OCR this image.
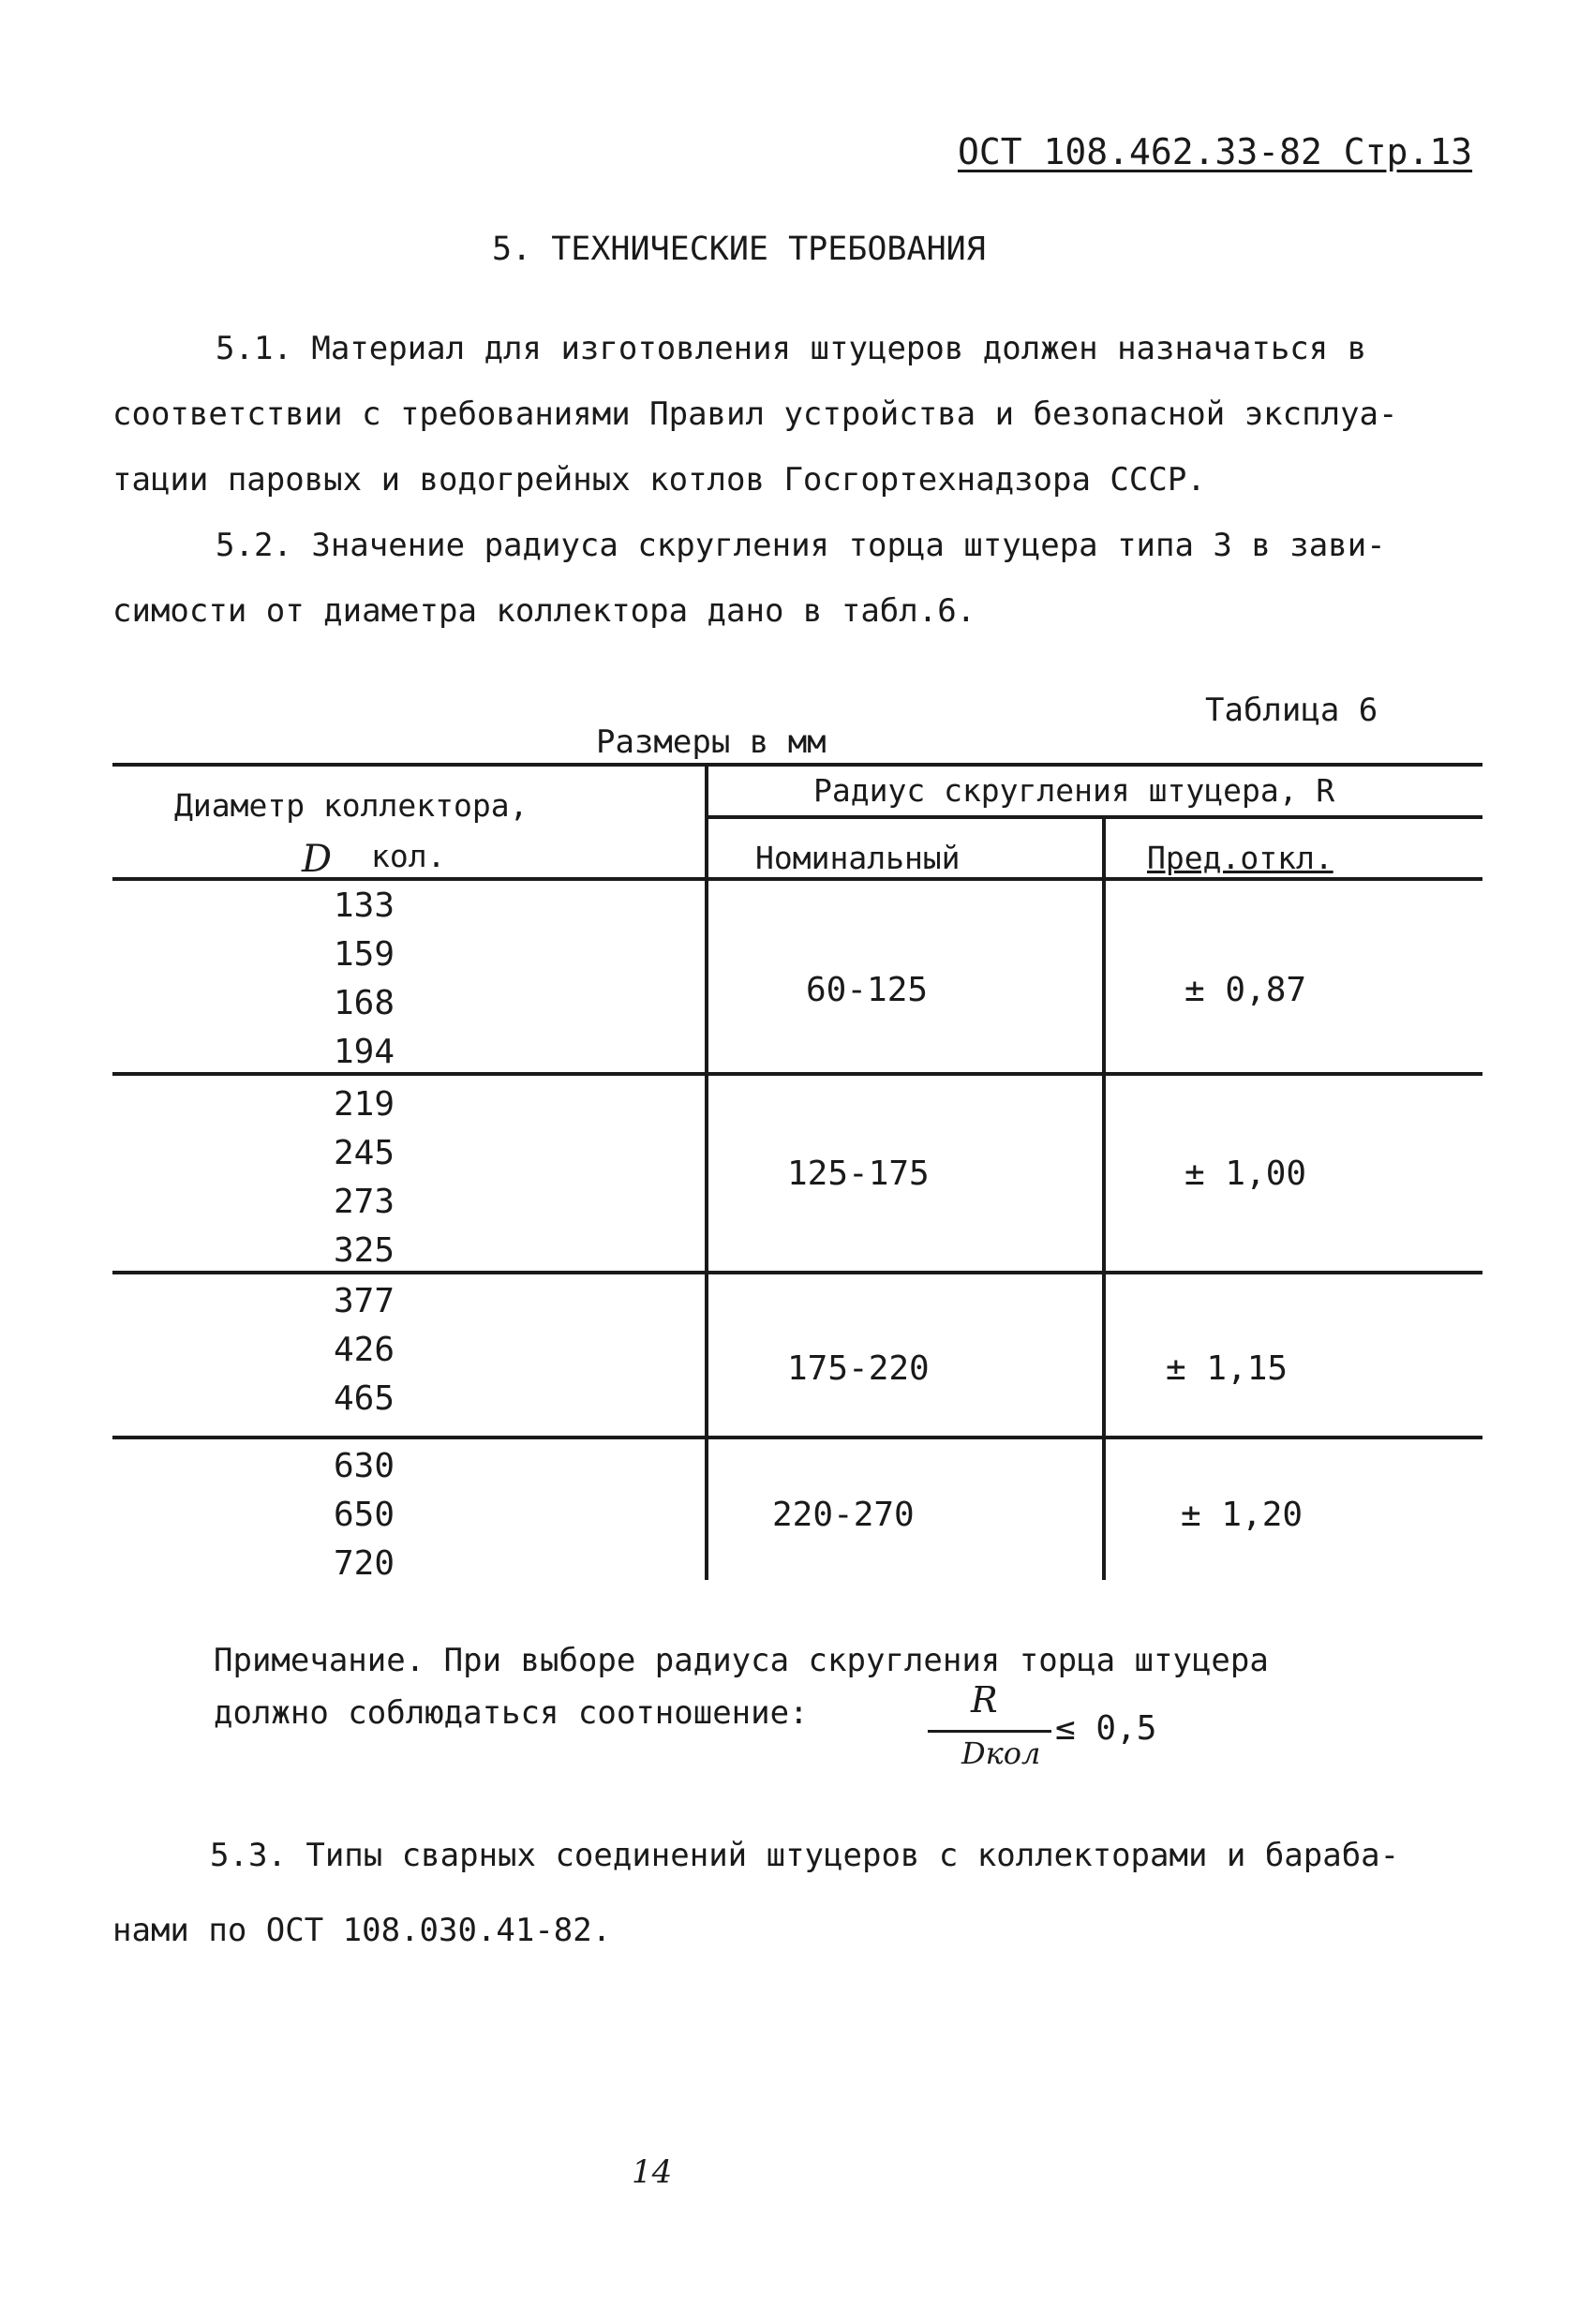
ОСТ 108.462.33-82 Стр.13
5. ТЕХНИЧЕСКИЕ ТРЕБОВАНИЯ
5.1. Материал для изготовления штуцеров должен назначаться в
соответствии с требованиями Правил устройства и безопасной эксплуа-
тации паровых и водогрейных котлов Госгортехнадзора СССР.
5.2. Значение радиуса скругления торца штуцера типа 3 в зави-
симости от диаметра коллектора дано в табл.6.
Таблица 6
Размеры в мм
Диаметр коллектора,
D кол.
Радиус скругления штуцера, R
Номинальный	Пред.откл.
133
159
168
194
60-125	± 0,87
219
245
273
325
125-175	± 1,00
377
426
465
175-220	± 1,15
630
650
720
220-270	± 1,20
Примечание. При выборе радиуса скругления торца штуцера
должно соблюдаться соотношение:	R
Dкол
≤ 0,5
5.3. Типы сварных соединений штуцеров с коллекторами и бараба-
нами по ОСТ 108.030.41-82.
14
